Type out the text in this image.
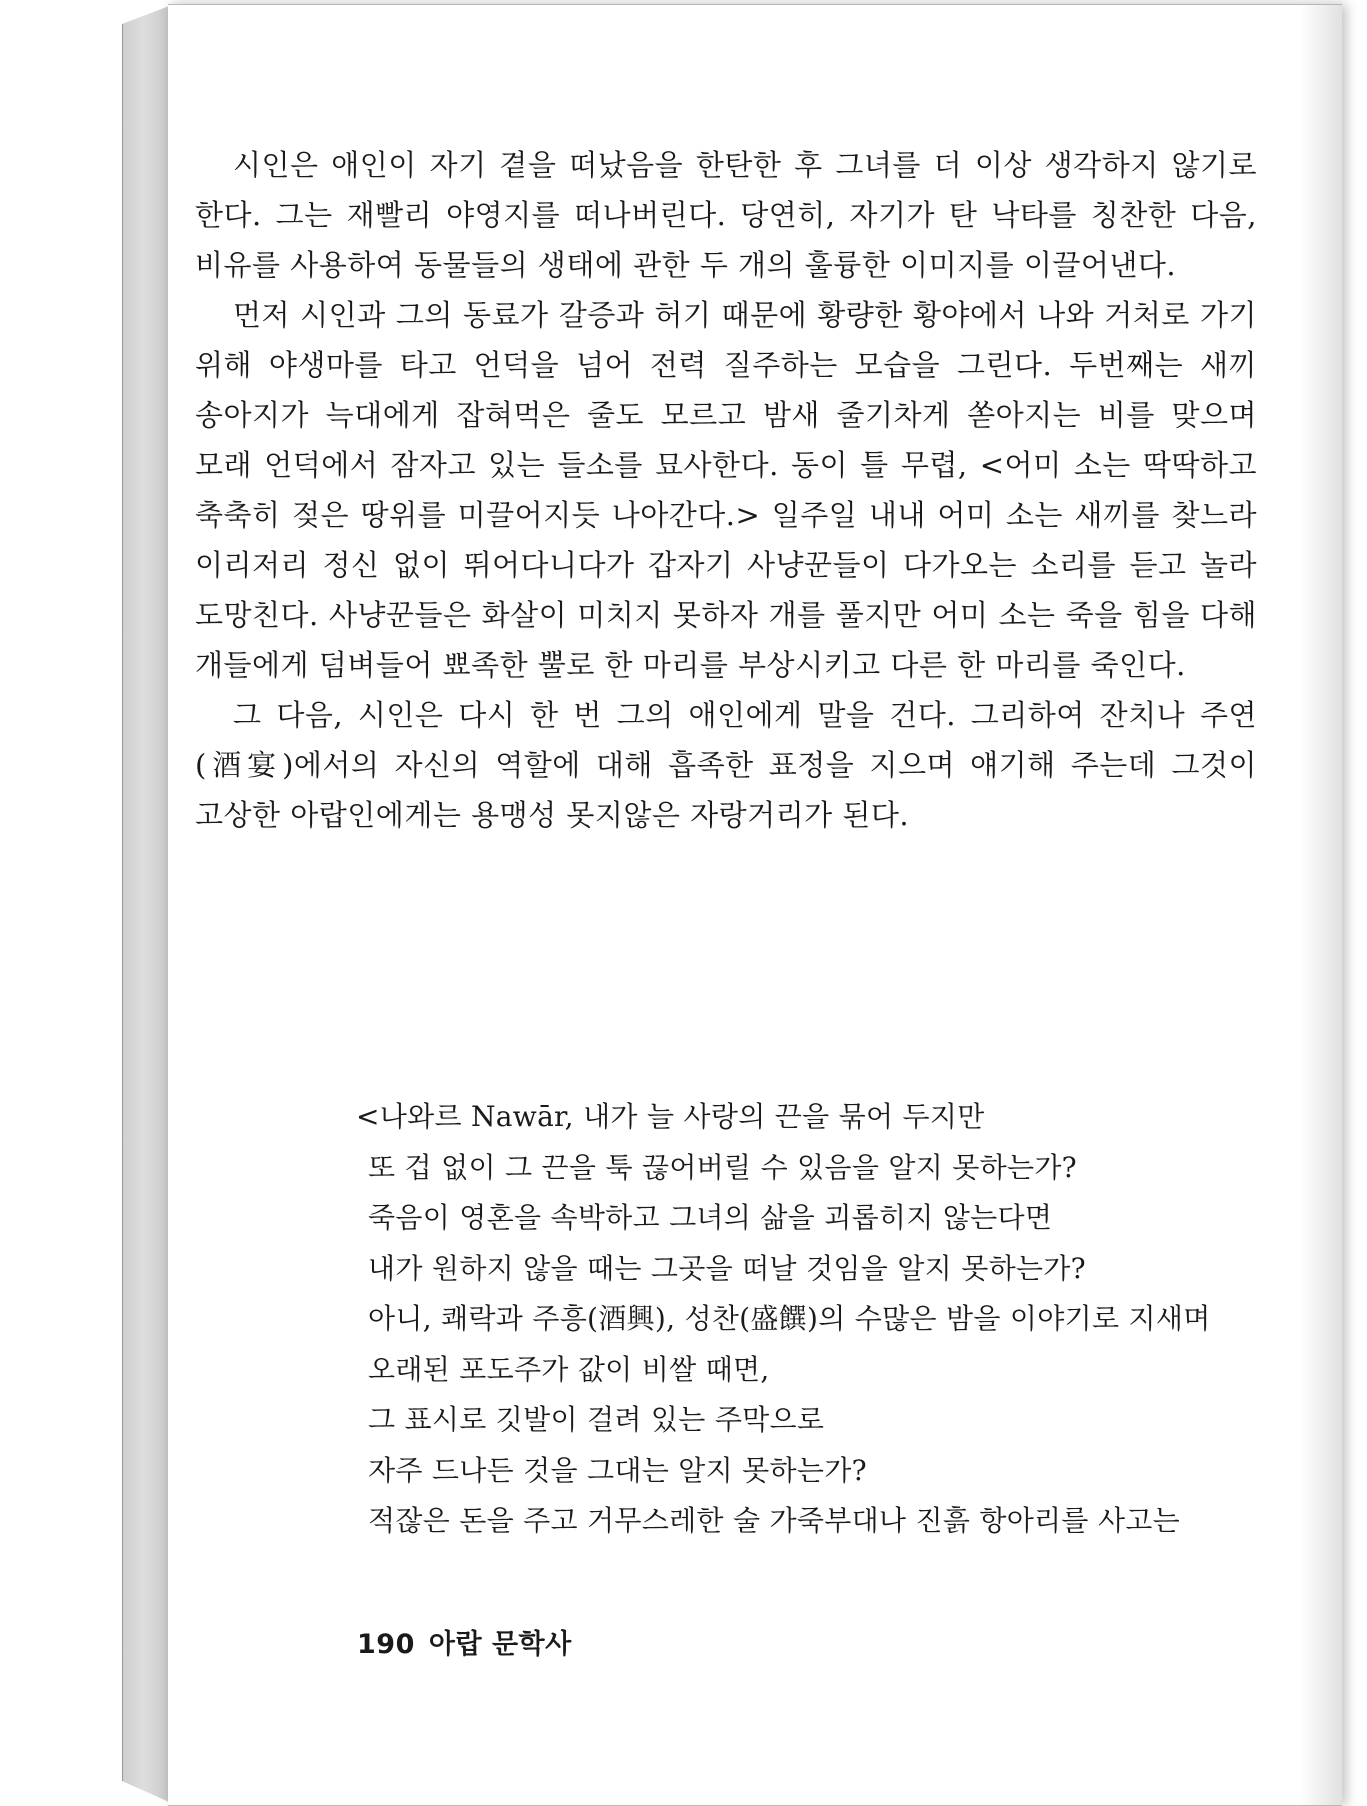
시인은 애인이 자기 곁을 떠났음을 한탄한 후 그녀를 더 이상 생각하지 않기로 한다. 그는 재빨리 야영지를 떠나버린다. 당연히, 자기가 탄 낙타를 칭찬한 다음, 비유를 사용하여 동물들의 생태에 관한 두 개의 훌륭한 이미지를 이끌어낸다.

먼저 시인과 그의 동료가 갈증과 허기 때문에 황량한 황야에서 나와 거처로 가기 위해 야생마를 타고 언덕을 넘어 전력 질주하는 모습을 그린다. 두번째는 새끼 송아지가 늑대에게 잡혀먹은 줄도 모르고 밤새 줄기차게 쏟아지는 비를 맞으며 모래 언덕에서 잠자고 있는 들소를 묘사한다. 동이 틀 무렵, <어미 소는 딱딱하고 축축히 젖은 땅위를 미끌어지듯 나아간다.> 일주일 내내 어미 소는 새끼를 찾느라 이리저리 정신 없이 뛰어다니다가 갑자기 사냥꾼들이 다가오는 소리를 듣고 놀라 도망친다. 사냥꾼들은 화살이 미치지 못하자 개를 풀지만 어미 소는 죽을 힘을 다해 개들에게 덤벼들어 뾰족한 뿔로 한 마리를 부상시키고 다른 한 마리를 죽인다.

그 다음, 시인은 다시 한 번 그의 애인에게 말을 건다. 그리하여 잔치나 주연(酒宴)에서의 자신의 역할에 대해 흡족한 표정을 지으며 얘기해 주는데 그것이 고상한 아랍인에게는 용맹성 못지않은 자랑거리가 된다.

<나와르 Nawār, 내가 늘 사랑의 끈을 묶어 두지만
또 겁 없이 그 끈을 툭 끊어버릴 수 있음을 알지 못하는가?
죽음이 영혼을 속박하고 그녀의 삶을 괴롭히지 않는다면
내가 원하지 않을 때는 그곳을 떠날 것임을 알지 못하는가?
아니, 쾌락과 주흥(酒興), 성찬(盛饌)의 수많은 밤을 이야기로 지새며
오래된 포도주가 값이 비쌀 때면,
그 표시로 깃발이 걸려 있는 주막으로
자주 드나든 것을 그대는 알지 못하는가?
적잖은 돈을 주고 거무스레한 술 가죽부대나 진흙 항아리를 사고는
190 아랍 문학사
